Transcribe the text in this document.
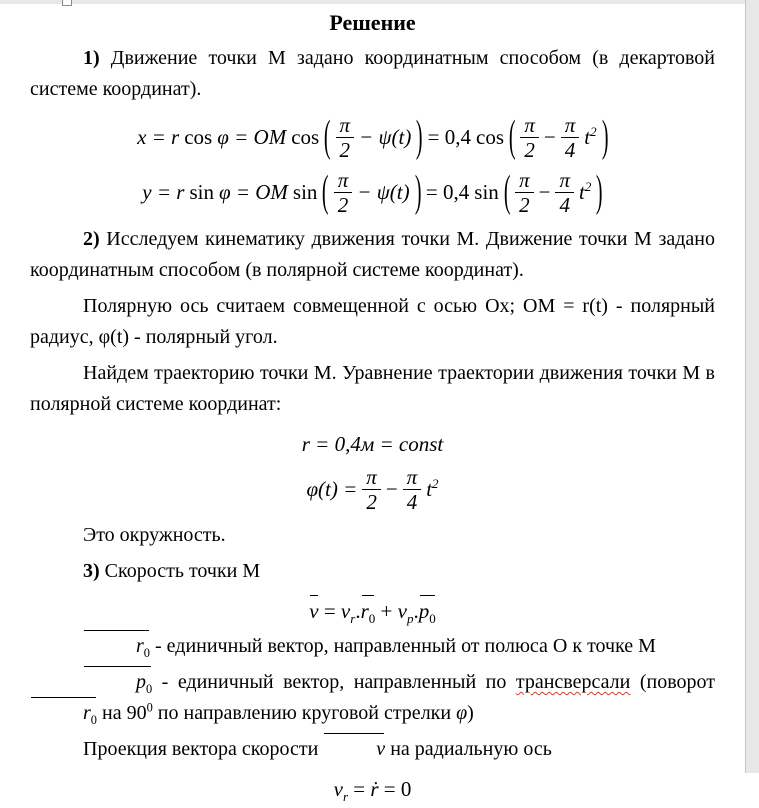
Решение

1) Движение точки М задано координатным способом (в декартовой системе координат).

x = r cos φ = OM cos ( $\frac{\pi}{2} - \psi(t)$ ) = 0,4 cos ( $\frac{\pi}{2} - \frac{\pi}{4} t^2$ )
y = r sin φ = OM sin ( $\frac{\pi}{2} - \psi(t)$ ) = 0,4 sin ( $\frac{\pi}{2} - \frac{\pi}{4} t^2$ )

2) Исследуем кинематику движения точки М. Движение точки М задано координатным способом (в полярной системе координат).

Полярную ось считаем совмещенной с осью Ох; ОМ = r(t) - полярный радиус, φ(t) - полярный угол.

Найдем траекторию точки М. Уравнение траектории движения точки М в полярной системе координат:

r = 0,4м = const
$\varphi(t) = \frac{\pi}{2} - \frac{\pi}{4} t^2$

Это окружность.

3) Скорость точки М

$v = v_r.r_0 + v_p.p_0$

$r_0$ - единичный вектор, направленный от полюса О к точке М

$p_0$ - единичный вектор, направленный по трансверсали (поворот $r_0$ на $90^0$ по направлению круговой стрелки φ)

Проекция вектора скорости	v на радиальную ось

$v_r$ = ṙ = 0
